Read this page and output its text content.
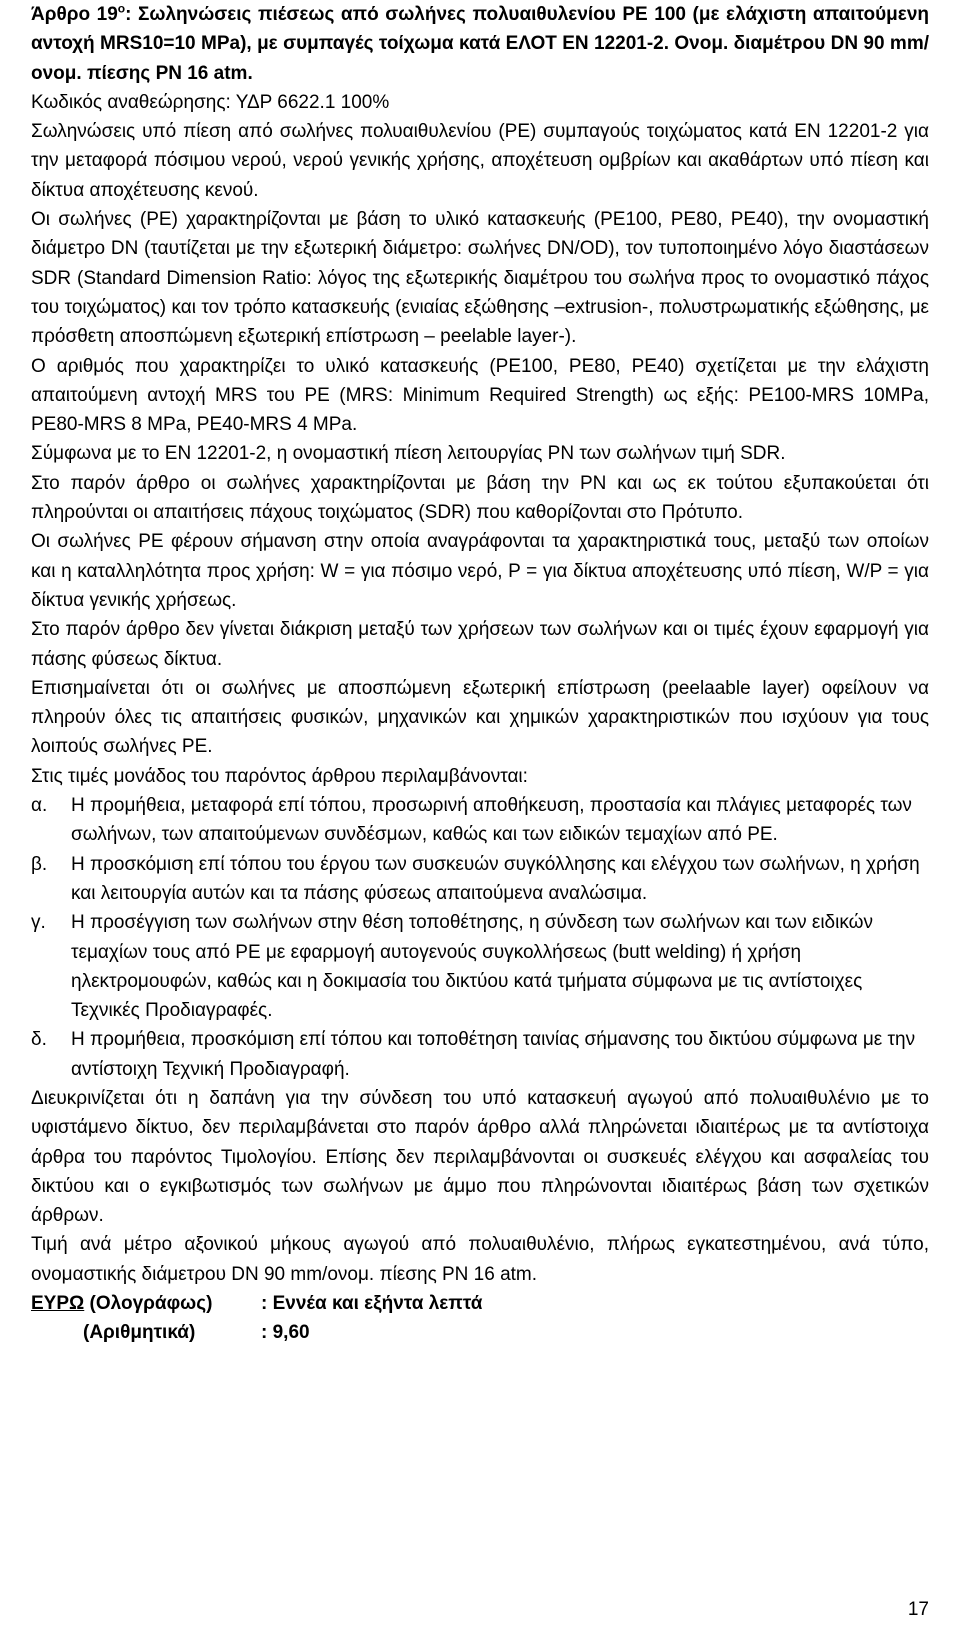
Άρθρο $19^o$: Σωληνώσεις πιέσεως από σωλήνες πολυαιθυλενίου PE 100 (με ελάχιστη απαιτούμενη αντοχή MRS10=10 MPa), με συμπαγές τοίχωμα κατά ΕΛΟΤ ΕΝ 12201-2. Ονομ. διαμέτρου DN 90 mm/ονομ. πίεσης PN 16 atm.

Κωδικός αναθεώρησης: ΥΔΡ 6622.1 100%

Σωληνώσεις υπό πίεση από σωλήνες πολυαιθυλενίου (PE) συμπαγούς τοιχώματος κατά ΕΝ 12201-2 για την μεταφορά πόσιμου νερού, νερού γενικής χρήσης, αποχέτευση ομβρίων και ακαθάρτων υπό πίεση και δίκτυα αποχέτευσης κενού.

Οι σωλήνες (PE) χαρακτηρίζονται με βάση το υλικό κατασκευής (PE100, PE80, PE40), την ονομαστική διάμετρο DN (ταυτίζεται με την εξωτερική διάμετρο: σωλήνες DN/OD), τον τυποποιημένο λόγο διαστάσεων SDR (Standard Dimension Ratio: λόγος της εξωτερικής διαμέτρου του σωλήνα προς το ονομαστικό πάχος του τοιχώματος) και τον τρόπο κατασκευής (ενιαίας εξώθησης –extrusion-, πολυστρωματικής εξώθησης, με πρόσθετη αποσπώμενη εξωτερική επίστρωση – peelable layer-).

Ο αριθμός που χαρακτηρίζει το υλικό κατασκευής (PE100, PE80, PE40) σχετίζεται με την ελάχιστη απαιτούμενη αντοχή MRS του PE (MRS: Minimum Required Strength) ως εξής: PE100-MRS 10MPa, PE80-MRS 8 MPa, PE40-MRS 4 MPa.

Σύμφωνα με το ΕΝ 12201-2, η ονομαστική πίεση λειτουργίας PN των σωλήνων τιμή SDR.

Στο παρόν άρθρο οι σωλήνες χαρακτηρίζονται με βάση την PN και ως εκ τούτου εξυπακούεται ότι πληρούνται οι απαιτήσεις πάχους τοιχώματος (SDR) που καθορίζονται στο Πρότυπο.

Οι σωλήνες PE φέρουν σήμανση στην οποία αναγράφονται τα χαρακτηριστικά τους, μεταξύ των οποίων και η καταλληλότητα προς χρήση: W = για πόσιμο νερό, P = για δίκτυα αποχέτευσης υπό πίεση, W/P = για δίκτυα γενικής χρήσεως.

Στο παρόν άρθρο δεν γίνεται διάκριση μεταξύ των χρήσεων των σωλήνων και οι τιμές έχουν εφαρμογή για πάσης φύσεως δίκτυα.

Επισημαίνεται ότι οι σωλήνες με αποσπώμενη εξωτερική επίστρωση (peelaable layer) οφείλουν να πληρούν όλες τις απαιτήσεις φυσικών, μηχανικών και χημικών χαρακτηριστικών που ισχύουν για τους λοιπούς σωλήνες PE.

Στις τιμές μονάδος του παρόντος άρθρου περιλαμβάνονται:

α.	Η προμήθεια, μεταφορά επί τόπου, προσωρινή αποθήκευση, προστασία και πλάγιες μεταφορές των σωλήνων, των απαιτούμενων συνδέσμων, καθώς και των ειδικών τεμαχίων από PE.
β.	Η προσκόμιση επί τόπου του έργου των συσκευών συγκόλλησης και ελέγχου των σωλήνων, η χρήση και λειτουργία αυτών και τα πάσης φύσεως απαιτούμενα αναλώσιμα.
γ.	Η προσέγγιση των σωλήνων στην θέση τοποθέτησης, η σύνδεση των σωλήνων και των ειδικών τεμαχίων τους από PE με εφαρμογή αυτογενούς συγκολλήσεως (butt welding) ή χρήση ηλεκτρομουφών, καθώς και η δοκιμασία του δικτύου κατά τμήματα σύμφωνα με τις αντίστοιχες Τεχνικές Προδιαγραφές.
δ.	Η προμήθεια, προσκόμιση επί τόπου και τοποθέτηση ταινίας σήμανσης του δικτύου σύμφωνα με την αντίστοιχη Τεχνική Προδιαγραφή.

Διευκρινίζεται ότι η δαπάνη για την σύνδεση του υπό κατασκευή αγωγού από πολυαιθυλένιο με το υφιστάμενο δίκτυο, δεν περιλαμβάνεται στο παρόν άρθρο αλλά πληρώνεται ιδιαιτέρως με τα αντίστοιχα άρθρα του παρόντος Τιμολογίου. Επίσης δεν περιλαμβάνονται οι συσκευές ελέγχου και ασφαλείας του δικτύου και ο εγκιβωτισμός των σωλήνων με άμμο που πληρώνονται ιδιαιτέρως βάση των σχετικών άρθρων.

Τιμή ανά μέτρο αξονικού μήκους αγωγού από πολυαιθυλένιο, πλήρως εγκατεστημένου, ανά τύπο, ονομαστικής διάμετρου DN 90 mm/ονομ. πίεσης PN 16 atm.

ΕΥΡΩ (Ολογράφως)	: Εννέα και εξήντα λεπτά
(Αριθμητικά)	: 9,60
17
